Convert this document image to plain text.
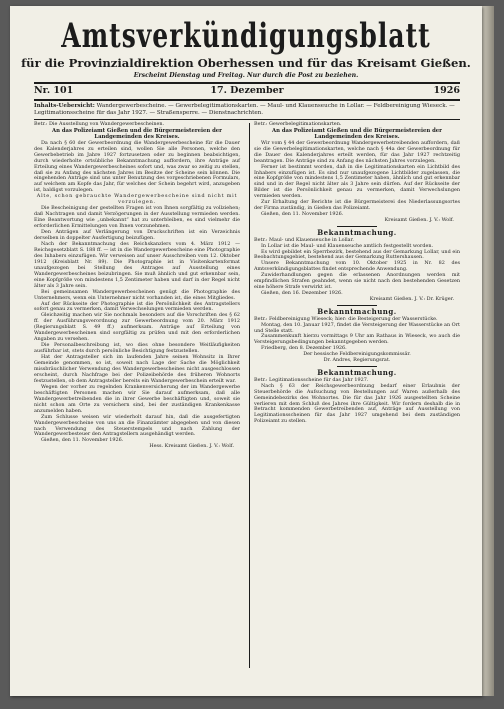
Amtsverkündigungsblatt
für die Provinzialdirektion Oberhessen und für das Kreisamt Gießen.
Erscheint Dienstag und Freitag. Nur durch die Post zu beziehen.
Nr. 101	17. Dezember	1926
Inhalts-Uebersicht: Wandergewerbescheine. — Gewerbelegitimationskarten. — Maul- und Klauenseuche in Lollar. — Feldbereinigung Wieseck. — Legitimationsscheine für das Jahr 1927. — Straßensperre. — Dienstnachrichten.

Betr.: Die Ausstellung von Wandergewerbescheinen.

An das Polizeiamt Gießen und die Bürgermeistereien der Landgemeinden des Kreises.

Da nach § 60 der Gewerbeordnung die Wandergewerbescheine für die Dauer des Kalenderjahres zu erteilen sind, wollen Sie alle Personen, welche den Gewerbebetrieb im Jahre 1927 fortzusetzen oder zu beginnen beabsichtigen, durch wiederholte ortsübliche Bekanntmachung auffordern, ihre Anträge auf Erteilung eines Wandergewerbescheines sofort und, was zwar so zeitig zu stellen, daß sie zu Anfang des nächsten Jahres im Besitze der Scheine sein können. Die eingehenden Anträge sind uns unter Benutzung des vorgeschriebenen Formulars, auf welchem am Kopfe das Jahr, für welches der Schein begehrt wird, anzugeben ist, baldigst vorzulegen.

Alte, schon gebrauchte Wandergewerbescheine sind nicht mit vorzulegen.

Die Bescheinigung der gestellten Fragen ist von Ihnen sorgfältig zu vollziehen; daß Nachtragen und damit Verzögerungen in der Ausstellung vermieden werden. Eine Beantwortung wie „unbekannt“ hat zu unterbleiben, es sind vielmehr die erforderlichen Ermittelungen von Ihnen vorzunehmen.

Den Anträgen auf Verlängerung von Druckschriften ist ein Verzeichnis derselben in doppelter Ausfertigung beizufügen.

Nach der Bekanntmachung des Reichskanzlers vom 4. März 1912 — Reichsgesetzblatt S. 188 ff. — ist in die Wandergewerbescheine eine Photographie des Inhabers einzufügen. Wir verweisen auf unser Ausschreiben vom 12. Oktober 1912 (Kreisblatt Nr. 89). Die Photographie ist in Visitenkartenformat unaufgezogen bei Stellung des Antrages auf Ausstellung eines Wandergewerbescheines beizubringen. Sie muß ähnlich und gut erkennbar sein, eine Kopfgröße von mindestens 1,5 Zentimeter haben und darf in der Regel nicht älter als 3 Jahre sein.

Bei gemeinsamen Wandergewerbescheinen genügt die Photographie des Unternehmers, wenn ein Unternehmer nicht vorhanden ist, die eines Mitgliedes.

Auf der Rückseite der Photographie ist die Persönlichkeit des Antragstellers sofort genau zu vermerken, damit Verwechselungen vermieden werden.

Gleichzeitig machen wir Sie nochmals besonders auf die Vorschriften des § 62 ff. der Ausführungsverordnung zur Gewerbeordnung vom 20. März 1912 (Regierungsblatt S. 49 ff.) aufmerksam. Anträge auf Erteilung von Wandergewerbescheinen sind sorgfältig zu prüfen und mit den erforderlichen Angaben zu versehen.

Die Personalbeschreibung ist, wo dies ohne besondere Weitläufigkeiten ausführbar ist, stets durch persönliche Besichtigung festzustellen.

Hat der Antragsteller sich im laufenden Jahre seinen Wohnsitz in Ihrer Gemeinde genommen, so ist, soweit nach Lage der Sache die Möglichkeit missbräuchlicher Verwendung des Wandergewerbescheines nicht ausgeschlossen erscheint, durch Nachfrage bei der Polizeibehörde des früheren Wohnorts festzustellen, ob dem Antragsteller bereits ein Wandergewerbeschein erteilt war.

Wegen der vorher zu regelnden Krankenversicherung der im Wandergewerbe beschäftigten Personen machen wir Sie darauf aufmerksam, daß alle Wandergewerbetreibenden die in ihrer Gewerbe beschäftigten und, soweit sie nicht schon am Orte zu versichern sind, bei der zuständigen Krankenkasse anzumelden haben.

Zum Schlusse weisen wir wiederholt darauf hin, daß die ausgefertigten Wandergewerbescheine von uns an die Finanzämter abgegeben und von diesen nach Verwendung des Steuerstempels und nach Zahlung der Wandergewerbesteuer den Antragstellern ausgehändigt werden.

Gießen, den 11. November 1926.

Hess. Kreisamt Gießen. J. V.: Wolf.

Betr.: Gewerbelegitimationskarten.

An das Polizeiamt Gießen und die Bürgermeistereien der Landgemeinden des Kreises.

Wir vom § 44 der Gewerbeordnung Wandergewerbetreibenden auffordern, daß sie die Gewerbelegitimationskarten, welche nach § 44a der Gewerbeordnung für die Dauer des Kalenderjahres erteilt werden, für das Jahr 1927 rechtzeitig beantragen. Die Anträge sind zu Anfang des nächsten Jahres vorzulegen.

Ferner ist bestimmt worden, daß in die Legitimationskarten ein Lichtbild des Inhabers einzufügen ist. Es sind nur unaufgezogene Lichtbilder zugelassen, die eine Kopfgröße von mindestens 1,5 Zentimeter haben, ähnlich und gut erkennbar sind und in der Regel nicht älter als 3 Jahre sein dürfen. Auf der Rückseite der Bilder ist die Persönlichkeit genau zu vermerken, damit Verwechslungen vermieden werden.

Zur Erhaltung der Berichte ist die Bürgermeisterei des Niederlassungsortes der Firma zuständig, in Gießen das Polizeiamt.

Gießen, den 11. November 1926.

Kreisamt Gießen. J. V.: Wolf.

Bekanntmachung.

Betr.: Maul- und Klauenseuche in Lollar.

In Lollar ist die Maul- und Klauenseuche amtlich festgestellt worden.

Es wird gebildet ein Sperrbezirk, bestehend aus der Gemarkung Lollar, und ein Beobachtungsgebiet, bestehend aus der Gemarkung Ruttershausen.

Unsere Bekanntmachung vom 10. Oktober 1925 in Nr. 82 des Amtsverkündigungsblattes findet entsprechende Anwendung.

Zuwiderhandlungen gegen die erlassenen Anordnungen werden mit empfindlichen Strafen geahndet, wenn sie nicht nach den bestehenden Gesetzen eine höhere Strafe verwirkt ist.

Gießen, den 16. Dezember 1926.

Kreisamt Gießen. J. V.: Dr. Krüger.

Bekanntmachung.

Betr.: Feldbereinigung Wieseck; hier: die Besteigerung der Wasserstücke.

Montag, den 10. Januar 1927, findet die Versteigerung der Wasserstücke an Ort und Stelle statt.

Zusammenkunft hierzu vormittags 9 Uhr am Rathaus in Wieseck, wo auch die Versteigerungsbedingungen bekanntgegeben werden.

Friedberg, den 8. Dezember 1926.

Der hessische Feldbereinigungskommissär.

Dr. Andres, Regierungsrat.

Bekanntmachung.

Betr.: Legitimationsscheine für das Jahr 1927.

Nach § 63 der Reichsgewerbeordnung bedarf einer Erlaubnis der Steuerbehörde die Aufsuchung von Bestellungen auf Waren außerhalb des Gemeindebezirks des Wohnortes. Die für das Jahr 1926 ausgestellten Scheine verlieren mit dem Schluß des Jahres ihre Gültigkeit. Wir fordern deshalb die in Betracht kommenden Gewerbetreibenden auf, Anträge auf Ausstellung von Legitimationsscheinen für das Jahr 1927 umgehend bei dem zuständigen Polizeiamt zu stellen.
